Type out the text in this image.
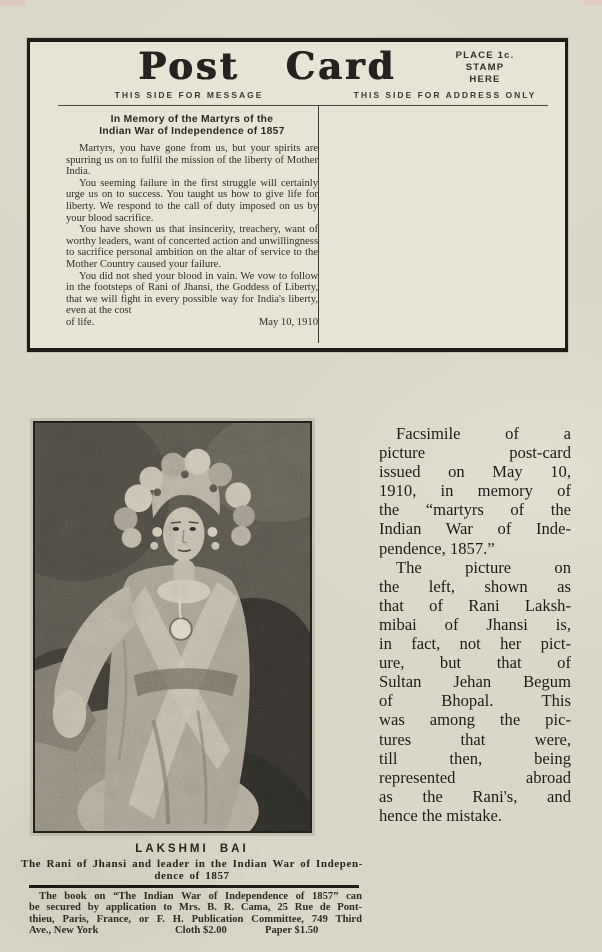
Post Card	PLACE 1c.
STAMP
HERE
THIS SIDE FOR MESSAGE	THIS SIDE FOR ADDRESS ONLY
In Memory of the Martyrs of the
Indian War of Independence of 1857

Martyrs, you have gone from us, but your spirits are spurring us on to fulfil the mission of the liberty of Mother India.

You seeming failure in the first struggle will certainly urge us on to success. You taught us how to give life for liberty. We respond to the call of duty imposed on us by your blood sacrifice.

You have shown us that insincerity, treachery, want of worthy leaders, want of concerted action and unwillingness to sacrifice personal ambition on the altar of service to the Mother Country caused your failure.

You did not shed your blood in vain. We vow to follow in the footsteps of Rani of Jhansi, the Goddess of Liberty, that we will fight in every possible way for India's liberty, even at the cost

of life.	May 10, 1910
LAKSHMI BAI
The Rani of Jhansi and leader in the Indian War of Indepen-
dence of 1857
The book on “The Indian War of Independence of 1857” can
be secured by application to Mrs. B. R. Cama, 25 Rue de Pont-
thieu, Paris, France, or F. H. Publication Committee, 749 Third
Ave., New York	Cloth $2.00	Paper $1.50
Facsimile of a
picture post-card
issued on May 10,
1910, in memory of
the “martyrs of the
Indian War of Inde-
pendence, 1857.”
The picture on
the left, shown as
that of Rani Laksh-
mibai of Jhansi is,
in fact, not her pict-
ure, but that of
Sultan Jehan Begum
of Bhopal. This
was among the pic-
tures that were,
till then, being
represented abroad
as the Rani's, and
hence the mistake.
